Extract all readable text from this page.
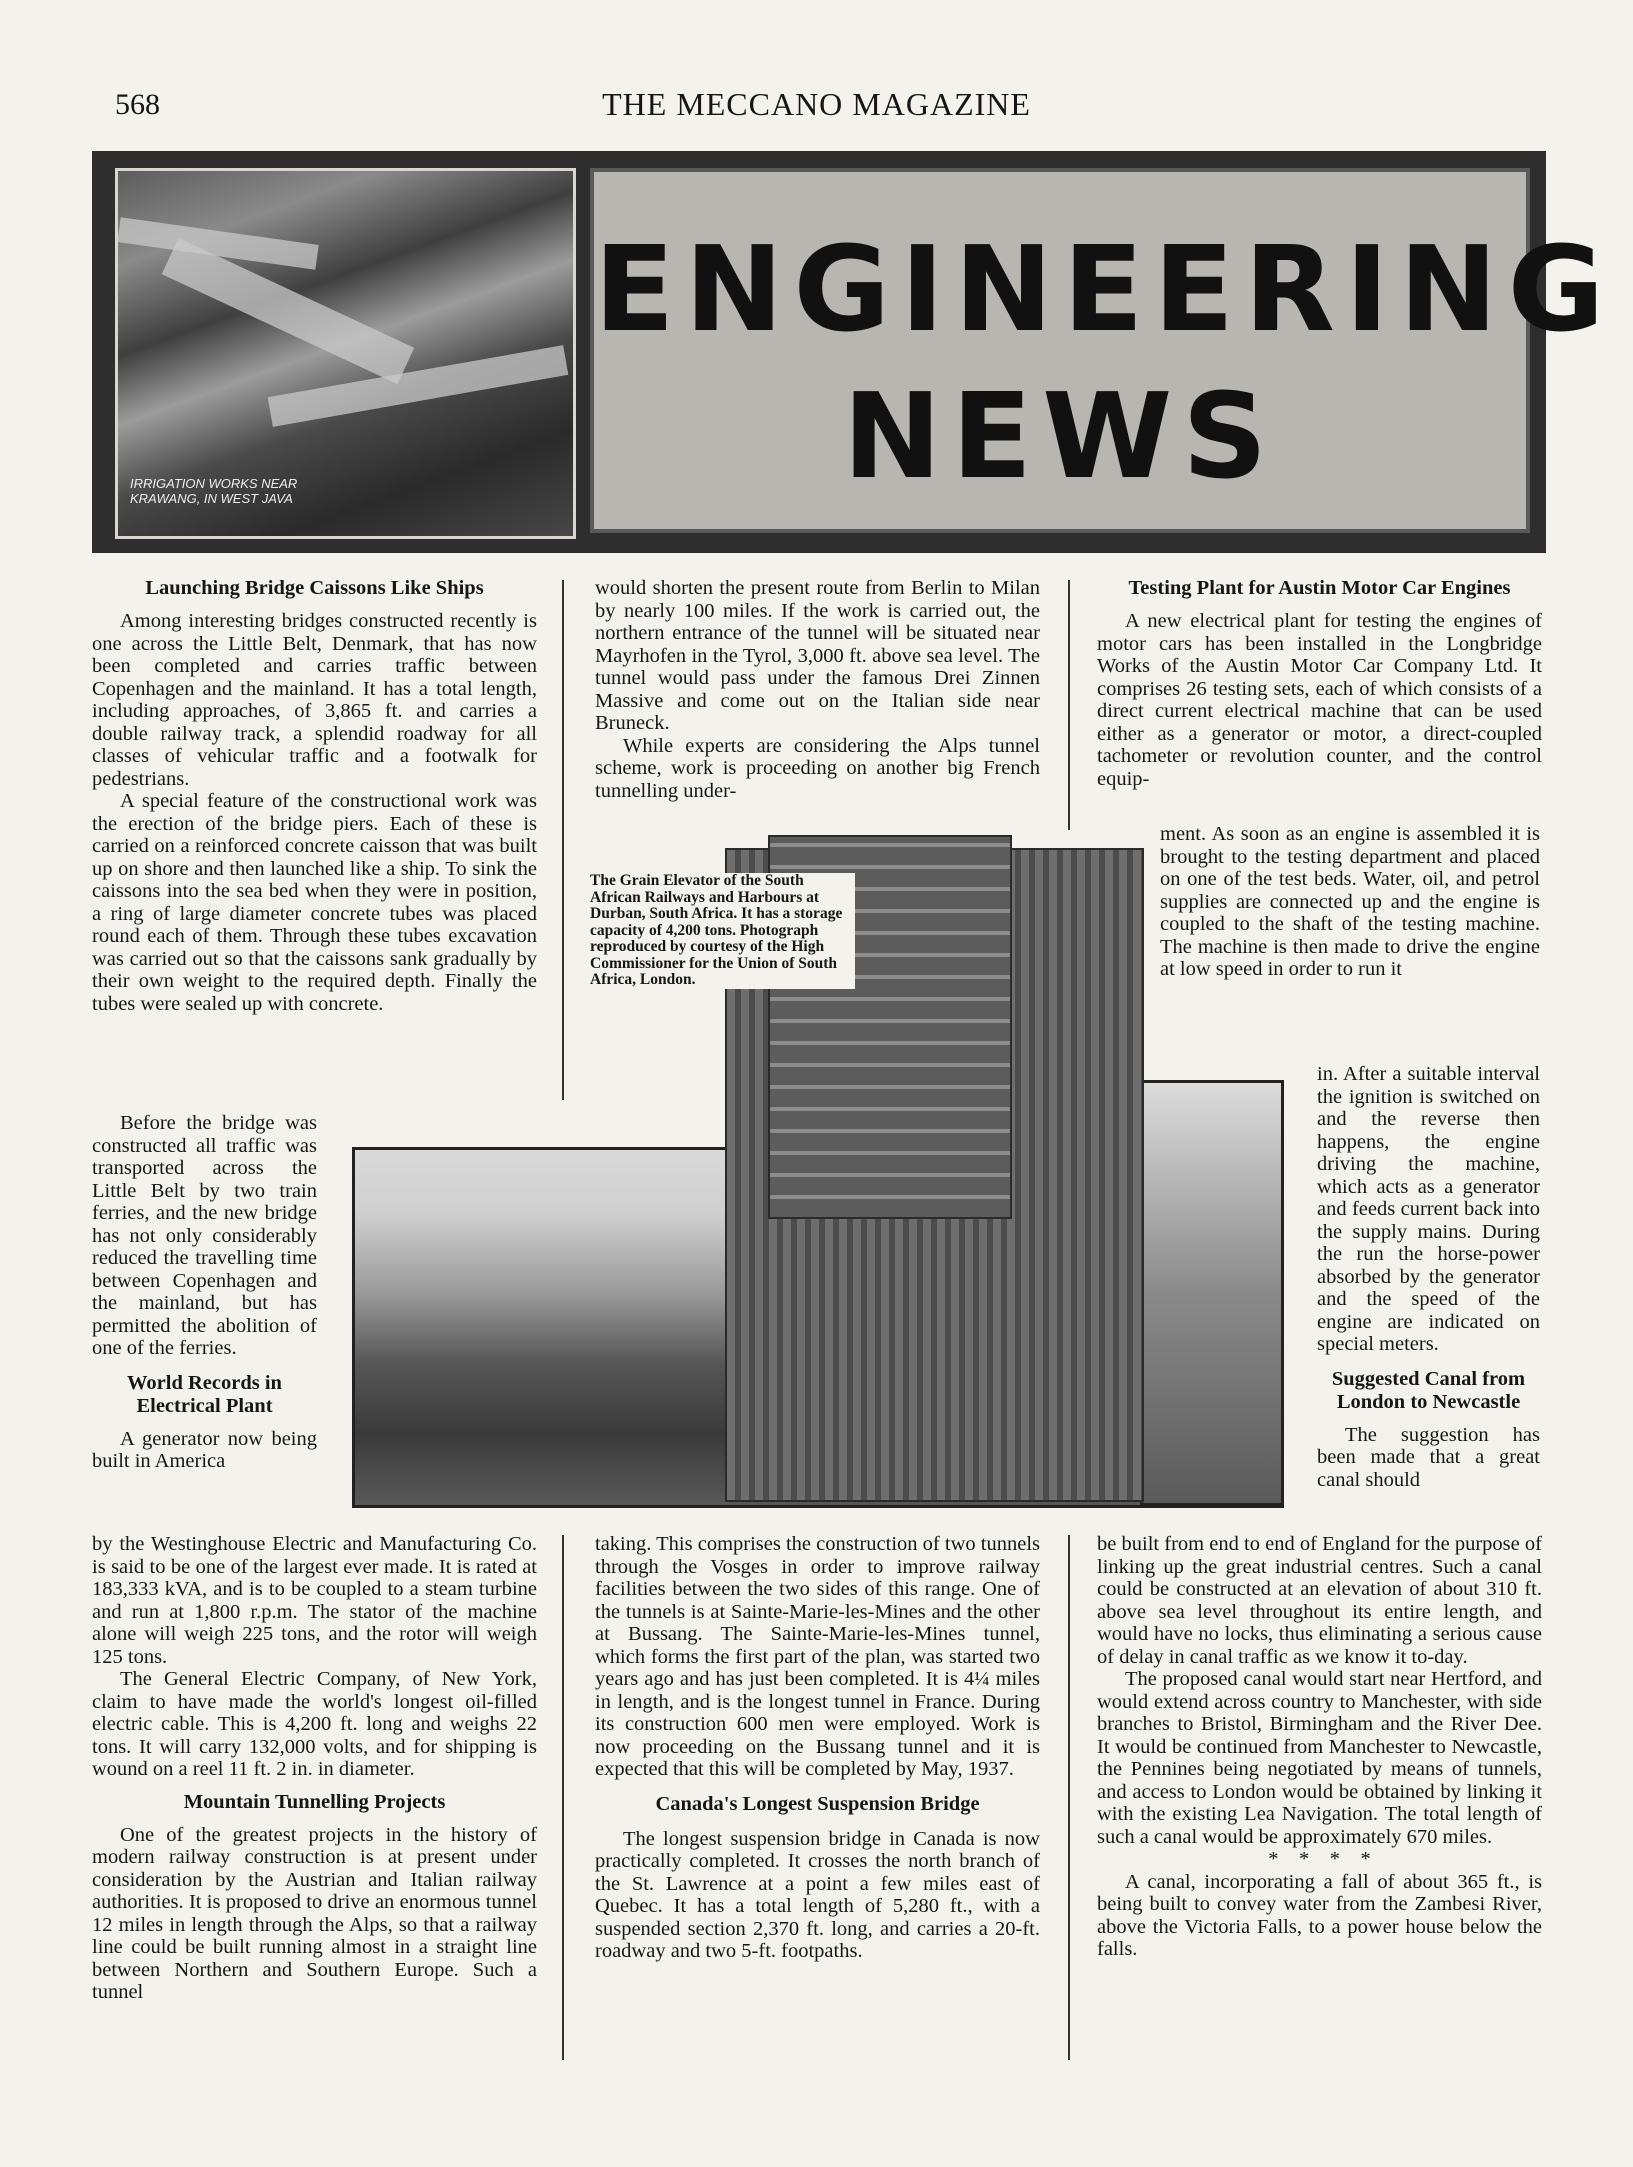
568	THE MECCANO MAGAZINE
IRRIGATION WORKS NEAR KRAWANG, IN WEST JAVA
ENGINEERING
NEWS
Launching Bridge Caissons Like Ships

Among interesting bridges constructed recently is one across the Little Belt, Denmark, that has now been completed and carries traffic between Copenhagen and the mainland. It has a total length, including approaches, of 3,865 ft. and carries a double railway track, a splendid roadway for all classes of vehicular traffic and a footwalk for pedestrians.

A special feature of the constructional work was the erection of the bridge piers. Each of these is carried on a reinforced concrete caisson that was built up on shore and then launched like a ship. To sink the caissons into the sea bed when they were in position, a ring of large diameter concrete tubes was placed round each of them. Through these tubes excavation was carried out so that the caissons sank gradually by their own weight to the required depth. Finally the tubes were sealed up with concrete.

Before the bridge was constructed all traffic was transported across the Little Belt by two train ferries, and the new bridge has not only considerably reduced the travelling time between Copenhagen and the mainland, but has permitted the abolition of one of the ferries.

World Records in Electrical Plant

A generator now being built in America

by the Westinghouse Electric and Manufacturing Co. is said to be one of the largest ever made. It is rated at 183,333 kVA, and is to be coupled to a steam turbine and run at 1,800 r.p.m. The stator of the machine alone will weigh 225 tons, and the rotor will weigh 125 tons.

The General Electric Company, of New York, claim to have made the world's longest oil-filled electric cable. This is 4,200 ft. long and weighs 22 tons. It will carry 132,000 volts, and for shipping is wound on a reel 11 ft. 2 in. in diameter.

Mountain Tunnelling Projects

One of the greatest projects in the history of modern railway construction is at present under consideration by the Austrian and Italian railway authorities. It is proposed to drive an enormous tunnel 12 miles in length through the Alps, so that a railway line could be built running almost in a straight line between Northern and Southern Europe. Such a tunnel

would shorten the present route from Berlin to Milan by nearly 100 miles. If the work is carried out, the northern entrance of the tunnel will be situated near Mayrhofen in the Tyrol, 3,000 ft. above sea level. The tunnel would pass under the famous Drei Zinnen Massive and come out on the Italian side near Bruneck.

While experts are considering the Alps tunnel scheme, work is proceeding on another big French tunnelling under-

taking. This comprises the construction of two tunnels through the Vosges in order to improve railway facilities between the two sides of this range. One of the tunnels is at Sainte-Marie-les-Mines and the other at Bussang. The Sainte-Marie-les-Mines tunnel, which forms the first part of the plan, was started two years ago and has just been completed. It is 4¼ miles in length, and is the longest tunnel in France. During its construction 600 men were employed. Work is now proceeding on the Bussang tunnel and it is expected that this will be completed by May, 1937.

Canada's Longest Suspension Bridge

The longest suspension bridge in Canada is now practically completed. It crosses the north branch of the St. Lawrence at a point a few miles east of Quebec. It has a total length of 5,280 ft., with a suspended section 2,370 ft. long, and carries a 20-ft. roadway and two 5-ft. footpaths.

Testing Plant for Austin Motor Car Engines

A new electrical plant for testing the engines of motor cars has been installed in the Longbridge Works of the Austin Motor Car Company Ltd. It comprises 26 testing sets, each of which consists of a direct current electrical machine that can be used either as a generator or motor, a direct-coupled tachometer or revolution counter, and the control equip-

ment. As soon as an engine is assembled it is brought to the testing department and placed on one of the test beds. Water, oil, and petrol supplies are connected up and the engine is coupled to the shaft of the testing machine. The machine is then made to drive the engine at low speed in order to run it

in. After a suitable interval the ignition is switched on and the reverse then happens, the engine driving the machine, which acts as a generator and feeds current back into the supply mains. During the run the horse-power absorbed by the generator and the speed of the engine are indicated on special meters.

Suggested Canal from London to Newcastle

The suggestion has been made that a great canal should

be built from end to end of England for the purpose of linking up the great industrial centres. Such a canal could be constructed at an elevation of about 310 ft. above sea level throughout its entire length, and would have no locks, thus eliminating a serious cause of delay in canal traffic as we know it to-day.

The proposed canal would start near Hertford, and would extend across country to Manchester, with side branches to Bristol, Birmingham and the River Dee. It would be continued from Manchester to Newcastle, the Pennines being negotiated by means of tunnels, and access to London would be obtained by linking it with the existing Lea Navigation. The total length of such a canal would be approximately 670 miles.

*    *    *    *

A canal, incorporating a fall of about 365 ft., is being built to convey water from the Zambesi River, above the Victoria Falls, to a power house below the falls.

The Grain Elevator of the South African Railways and Harbours at Durban, South Africa. It has a storage capacity of 4,200 tons. Photograph reproduced by courtesy of the High Commissioner for the Union of South Africa, London.
